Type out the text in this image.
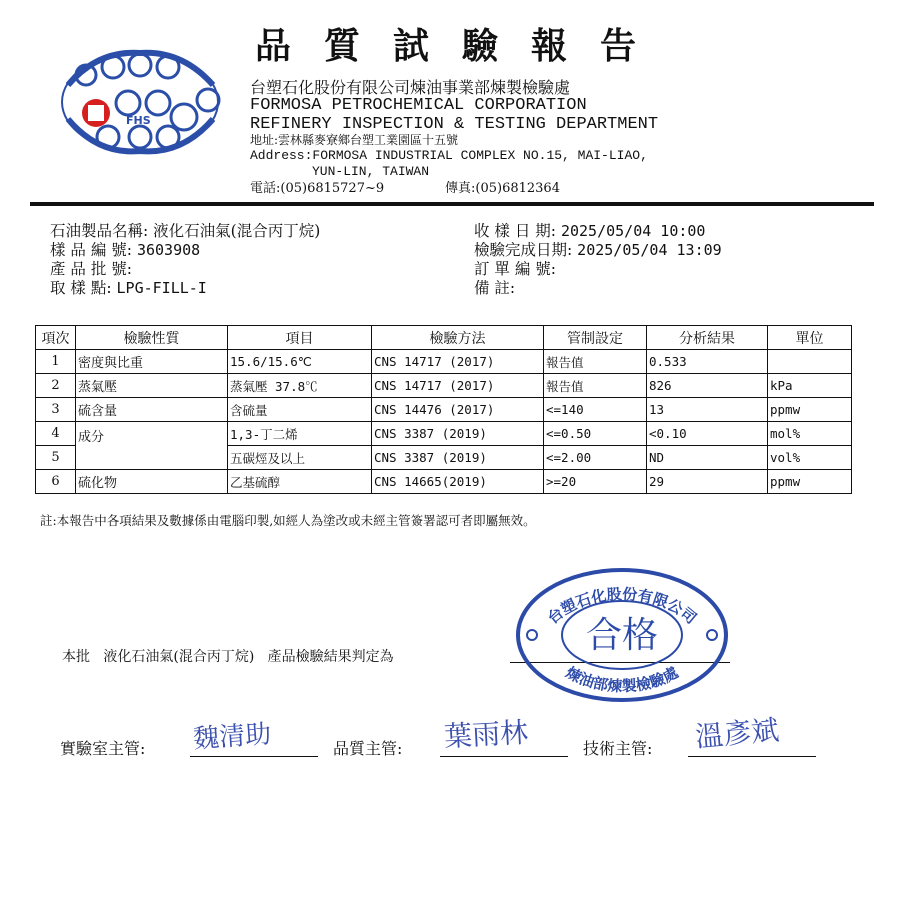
FHS
品質試驗報告
台塑石化股份有限公司煉油事業部煉製檢驗處
FORMOSA PETROCHEMICAL CORPORATION
REFINERY INSPECTION & TESTING DEPARTMENT
地址:雲林縣麥寮鄉台塑工業園區十五號
Address:FORMOSA INDUSTRIAL COMPLEX NO.15, MAI-LIAO,
YUN-LIN, TAIWAN
電話:(05)6815727~9	傳真:(05)6812364
石油製品名稱: 液化石油氣(混合丙丁烷)
樣 品 編 號: 3603908
產 品 批 號:
取 樣 點: LPG-FILL-I
收 樣 日 期: 2025/05/04 10:00
檢驗完成日期: 2025/05/04 13:09
訂 單 編 號:
備 註:
項次	檢驗性質	項目	檢驗方法	管制設定	分析結果	單位
1	密度與比重	15.6/15.6℃	CNS 14717 (2017)	報告值	0.533	
2	蒸氣壓	蒸氣壓 37.8℃	CNS 14717 (2017)	報告值	826	kPa
3	硫含量	含硫量	CNS 14476 (2017)	<=140	13	ppmw
4	成分	1,3-丁二烯	CNS 3387 (2019)	<=0.50	<0.10	mol%
5		五碳烴及以上	CNS 3387 (2019)	<=2.00	ND	vol%
6	硫化物	乙基硫醇	CNS 14665(2019)	>=20	29	ppmw
註:本報告中各項結果及數據係由電腦印製,如經人為塗改或未經主管簽署認可者即屬無效。
本批 液化石油氣(混合丙丁烷) 產品檢驗結果判定為
台塑石化股份有限公司
煉油部煉製檢驗處
合格
實驗室主管: 魏清助	品質主管: 葉雨林	技術主管: 溫彥斌
